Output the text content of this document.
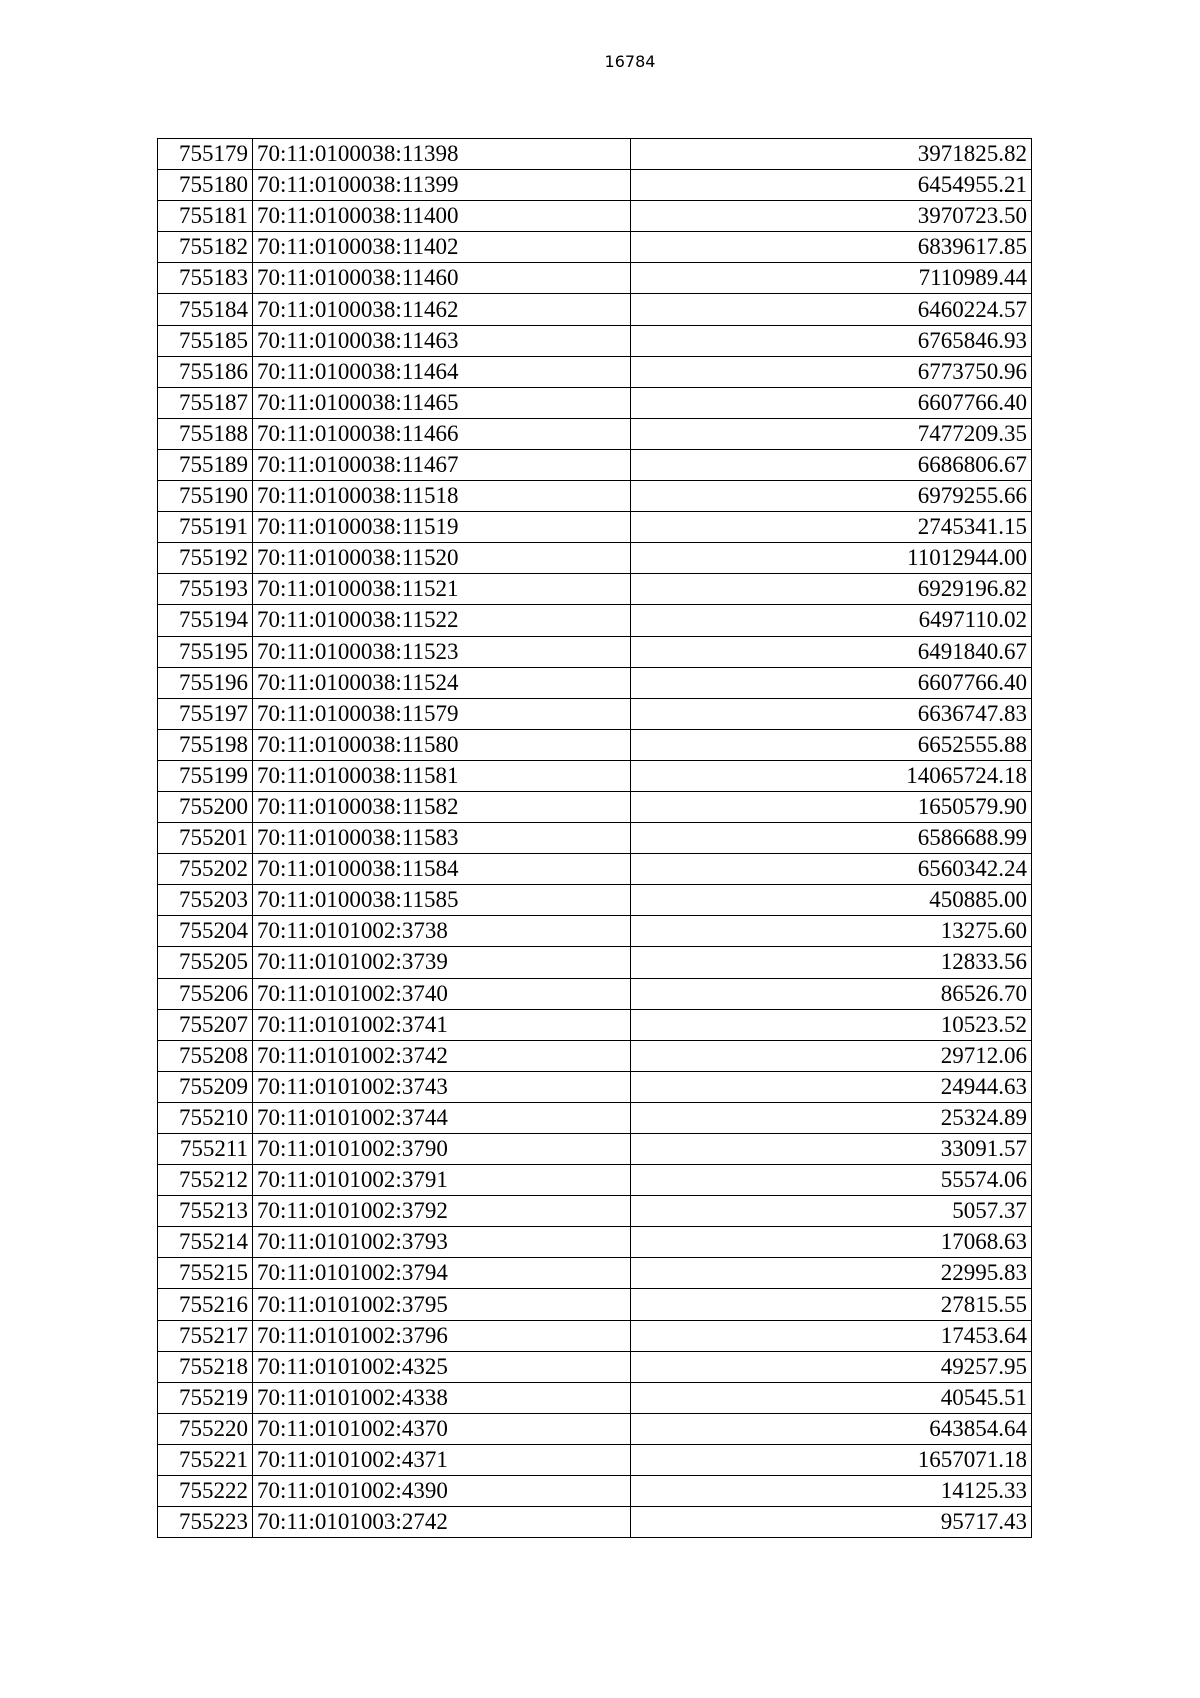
16784
755179	70:11:0100038:11398	3971825.82
755180	70:11:0100038:11399	6454955.21
755181	70:11:0100038:11400	3970723.50
755182	70:11:0100038:11402	6839617.85
755183	70:11:0100038:11460	7110989.44
755184	70:11:0100038:11462	6460224.57
755185	70:11:0100038:11463	6765846.93
755186	70:11:0100038:11464	6773750.96
755187	70:11:0100038:11465	6607766.40
755188	70:11:0100038:11466	7477209.35
755189	70:11:0100038:11467	6686806.67
755190	70:11:0100038:11518	6979255.66
755191	70:11:0100038:11519	2745341.15
755192	70:11:0100038:11520	11012944.00
755193	70:11:0100038:11521	6929196.82
755194	70:11:0100038:11522	6497110.02
755195	70:11:0100038:11523	6491840.67
755196	70:11:0100038:11524	6607766.40
755197	70:11:0100038:11579	6636747.83
755198	70:11:0100038:11580	6652555.88
755199	70:11:0100038:11581	14065724.18
755200	70:11:0100038:11582	1650579.90
755201	70:11:0100038:11583	6586688.99
755202	70:11:0100038:11584	6560342.24
755203	70:11:0100038:11585	450885.00
755204	70:11:0101002:3738	13275.60
755205	70:11:0101002:3739	12833.56
755206	70:11:0101002:3740	86526.70
755207	70:11:0101002:3741	10523.52
755208	70:11:0101002:3742	29712.06
755209	70:11:0101002:3743	24944.63
755210	70:11:0101002:3744	25324.89
755211	70:11:0101002:3790	33091.57
755212	70:11:0101002:3791	55574.06
755213	70:11:0101002:3792	5057.37
755214	70:11:0101002:3793	17068.63
755215	70:11:0101002:3794	22995.83
755216	70:11:0101002:3795	27815.55
755217	70:11:0101002:3796	17453.64
755218	70:11:0101002:4325	49257.95
755219	70:11:0101002:4338	40545.51
755220	70:11:0101002:4370	643854.64
755221	70:11:0101002:4371	1657071.18
755222	70:11:0101002:4390	14125.33
755223	70:11:0101003:2742	95717.43
